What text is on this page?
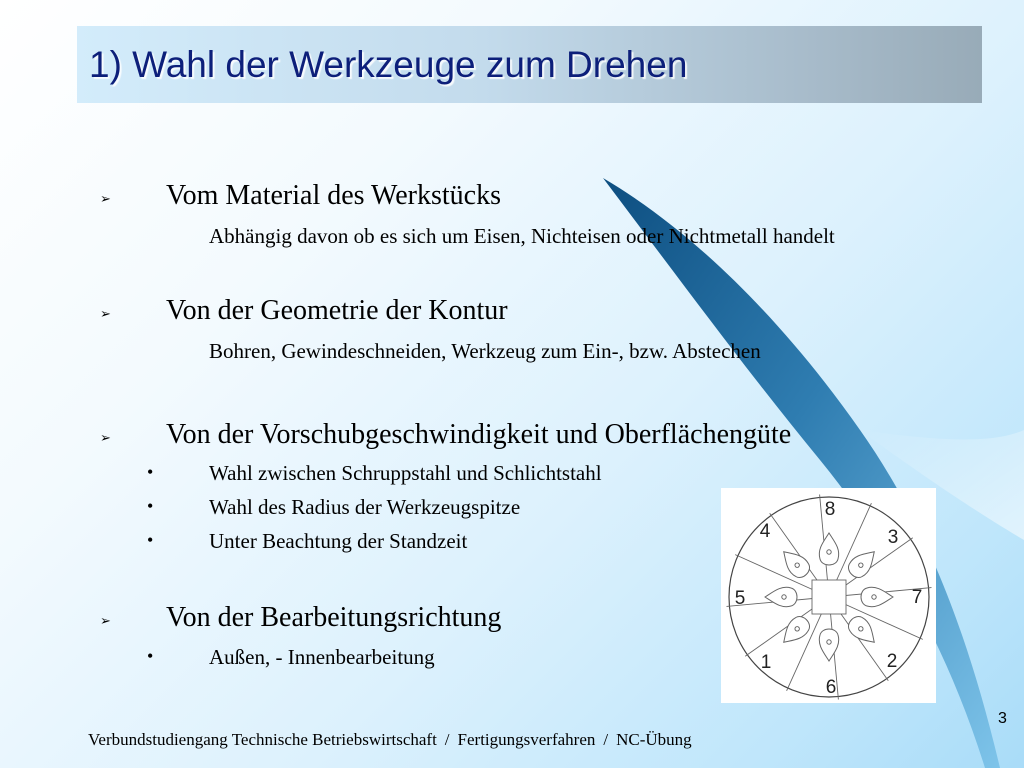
1) Wahl der Werkzeuge zum Drehen
➢ Vom Material des Werkstücks
Abhängig davon ob es sich um Eisen, Nichteisen oder Nichtmetall handelt
➢ Von der Geometrie der Kontur
Bohren, Gewindeschneiden, Werkzeug zum Ein-, bzw. Abstechen
➢ Von der Vorschubgeschwindigkeit und Oberflächengüte
•	Wahl zwischen Schruppstahl und Schlichtstahl
•	Wahl des Radius der Werkzeugspitze
•	Unter Beachtung der Standzeit
➢ Von der Bearbeitungsrichtung
•	Außen, - Innenbearbeitung
8
3
7
2
6
1
5
4
Verbundstudiengang Technische Betriebswirtschaft / Fertigungsverfahren / NC-Übung
3
